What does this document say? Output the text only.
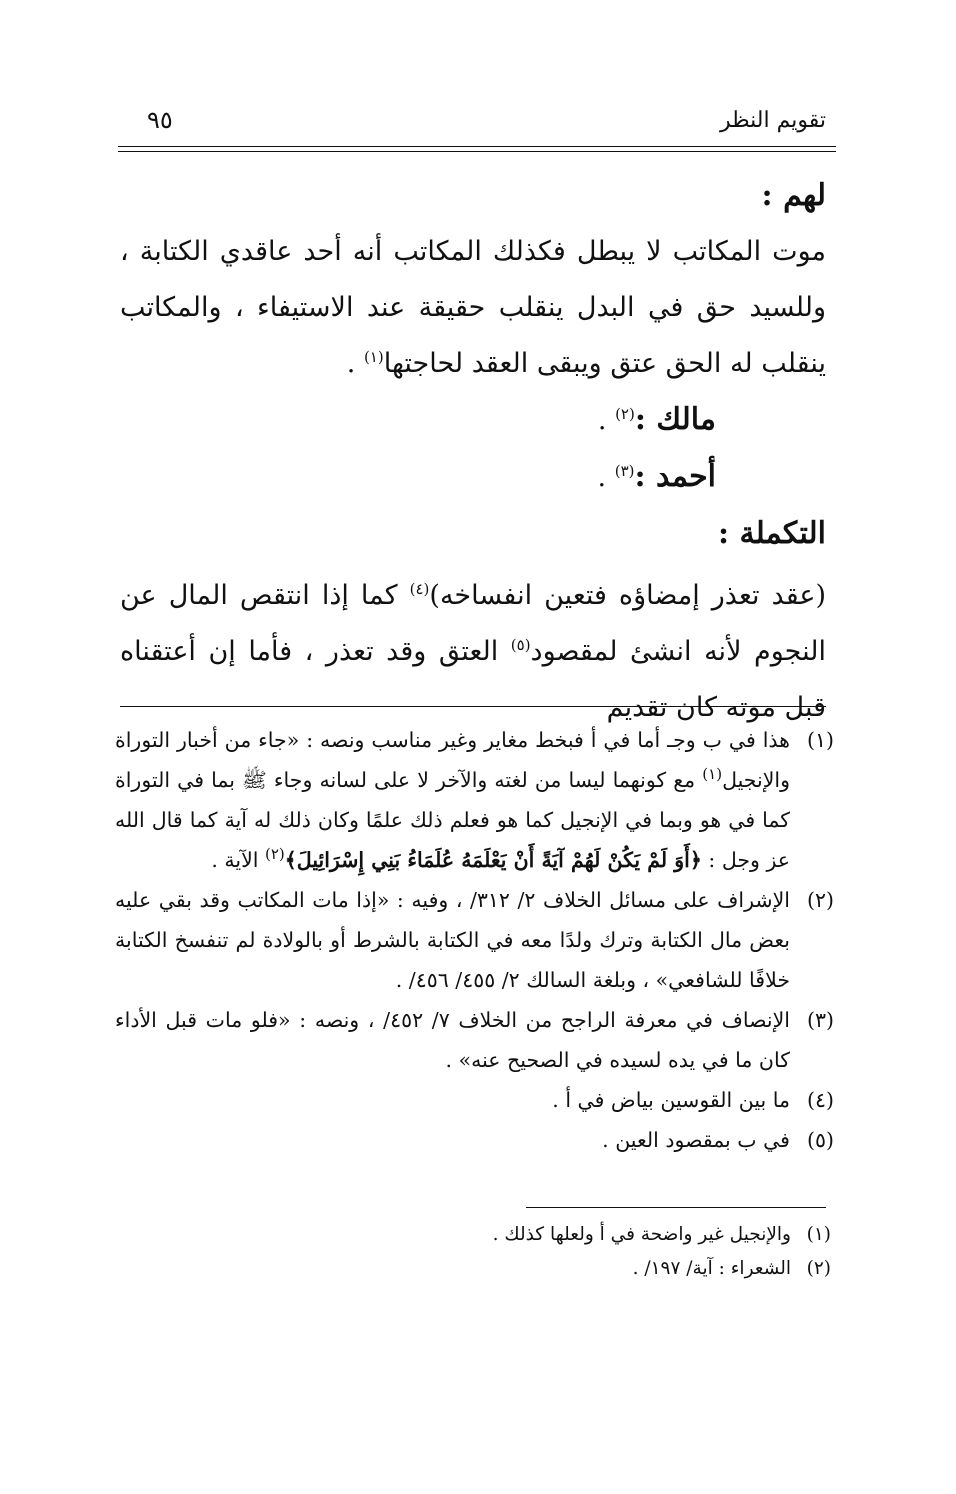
تقويم النظر
٩٥

لهم :

موت المكاتب لا يبطل فكذلك المكاتب أنه أحد عاقدي الكتابة ، وللسيد حق في البدل ينقلب حقيقة عند الاستيفاء ، والمكاتب ينقلب له الحق عتق ويبقى العقد لحاجتها$^{(١)}$ .

مالك :$^{(٢)}$ .

أحمد :$^{(٣)}$ .

التكملة :

(عقد تعذر إمضاؤه فتعين انفساخه)$^{(٤)}$ كما إذا انتقص المال عن النجوم لأنه انشئ لمقصود$^{(٥)}$ العتق وقد تعذر ، فأما إن أعتقناه قبل موته كان تقديم

(١)
هذا في ب وجـ أما في أ فبخط مغاير وغير مناسب ونصه : «جاء من أخبار التوراة والإنجيل$^{(١)}$ مع كونهما ليسا من لغته والآخر لا على لسانه وجاء ﷺ بما في التوراة كما في هو وبما في الإنجيل كما هو فعلم ذلك علمًا وكان ذلك له آية كما قال الله عز وجل : ﴿أَوَ لَمْ يَكُنْ لَهُمْ آيَةً أَنْ يَعْلَمَهُ عُلَمَاءُ بَنِي إِسْرَائِيلَ﴾$^{(٢)}$ الآية .
(٢)
الإشراف على مسائل الخلاف ٢/ ٣١٢/ ، وفيه : «إذا مات المكاتب وقد بقي عليه بعض مال الكتابة وترك ولدًا معه في الكتابة بالشرط أو بالولادة لم تنفسخ الكتابة خلافًا للشافعي» ، وبلغة السالك ٢/ ٤٥٥/ ٤٥٦/ .
(٣)
الإنصاف في معرفة الراجح من الخلاف ٧/ ٤٥٢/ ، ونصه : «فلو مات قبل الأداء كان ما في يده لسيده في الصحيح عنه» .
(٤)
ما بين القوسين بياض في أ .
(٥)
في ب بمقصود العين .
(١)
والإنجيل غير واضحة في أ ولعلها كذلك .
(٢)
الشعراء : آية/ ١٩٧/ .
